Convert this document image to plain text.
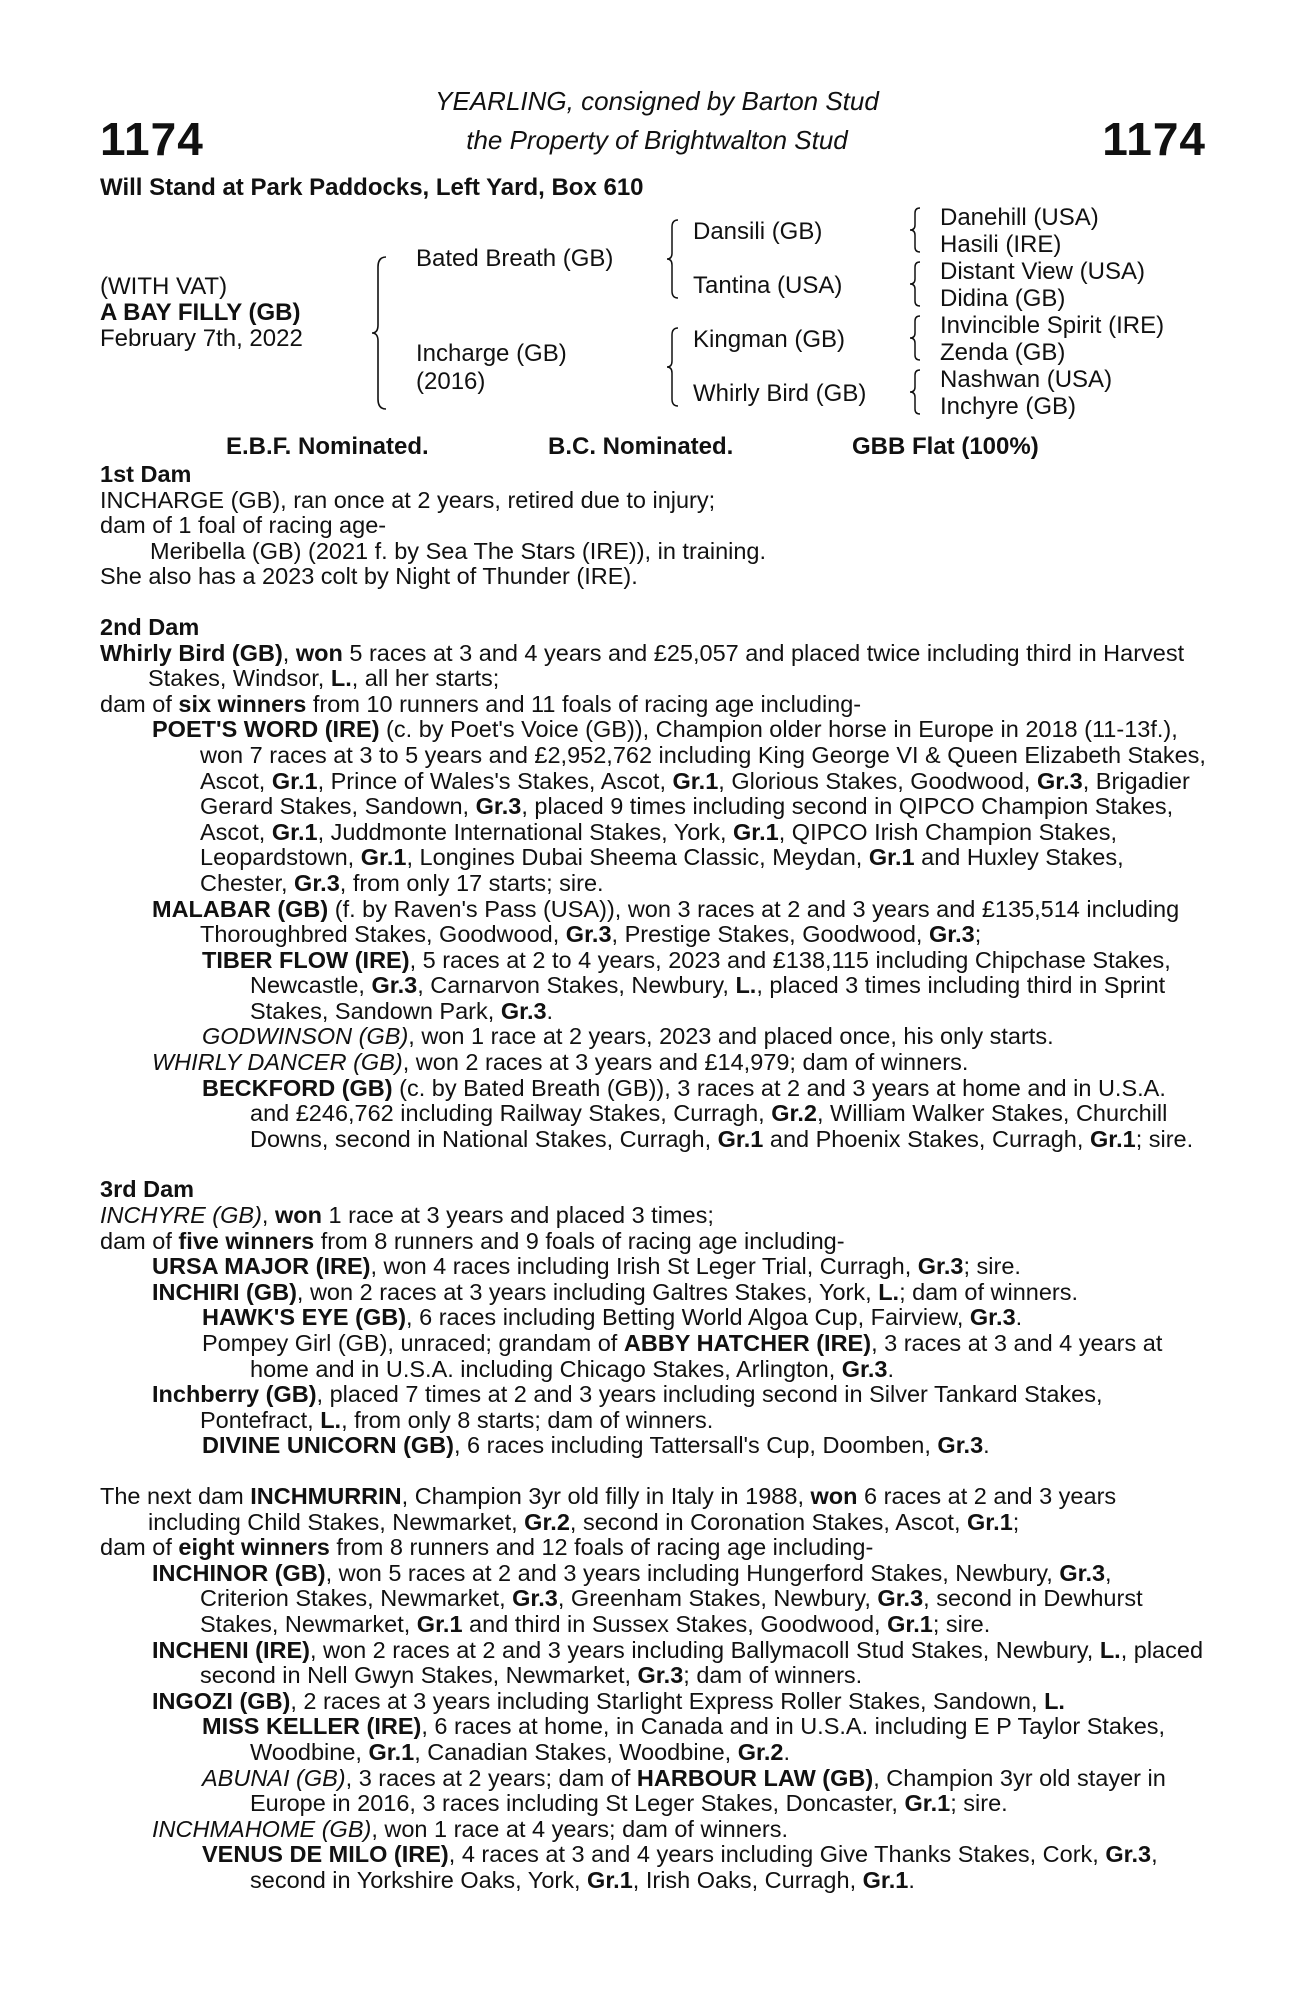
1174	1174
YEARLING, consigned by Barton Stud
the Property of Brightwalton Stud
Will Stand at Park Paddocks, Left Yard, Box 610
(WITH VAT)
A BAY FILLY (GB)
February 7th, 2022
Bated Breath (GB)
Incharge (GB)
(2016)
Dansili (GB)
Tantina (USA)
Kingman (GB)
Whirly Bird (GB)
Danehill (USA)
Hasili (IRE)
Distant View (USA)
Didina (GB)
Invincible Spirit (IRE)
Zenda (GB)
Nashwan (USA)
Inchyre (GB)
E.B.F. Nominated.	B.C. Nominated.	GBB Flat (100%)

1st Dam

INCHARGE (GB), ran once at 2 years, retired due to injury;

dam of 1 foal of racing age-

Meribella (GB) (2021 f. by Sea The Stars (IRE)), in training.

She also has a 2023 colt by Night of Thunder (IRE).

2nd Dam

Whirly Bird (GB), won 5 races at 3 and 4 years and £25,057 and placed twice including third in Harvest Stakes, Windsor, L., all her starts;

dam of six winners from 10 runners and 11 foals of racing age including-

POET'S WORD (IRE) (c. by Poet's Voice (GB)), Champion older horse in Europe in 2018 (11-13f.), won 7 races at 3 to 5 years and £2,952,762 including King George VI & Queen Elizabeth Stakes, Ascot, Gr.1, Prince of Wales's Stakes, Ascot, Gr.1, Glorious Stakes, Goodwood, Gr.3, Brigadier Gerard Stakes, Sandown, Gr.3, placed 9 times including second in QIPCO Champion Stakes, Ascot, Gr.1, Juddmonte International Stakes, York, Gr.1, QIPCO Irish Champion Stakes, Leopardstown, Gr.1, Longines Dubai Sheema Classic, Meydan, Gr.1 and Huxley Stakes, Chester, Gr.3, from only 17 starts; sire.

MALABAR (GB) (f. by Raven's Pass (USA)), won 3 races at 2 and 3 years and £135,514 including Thoroughbred Stakes, Goodwood, Gr.3, Prestige Stakes, Goodwood, Gr.3;

TIBER FLOW (IRE), 5 races at 2 to 4 years, 2023 and £138,115 including Chipchase Stakes, Newcastle, Gr.3, Carnarvon Stakes, Newbury, L., placed 3 times including third in Sprint Stakes, Sandown Park, Gr.3.

GODWINSON (GB), won 1 race at 2 years, 2023 and placed once, his only starts.

WHIRLY DANCER (GB), won 2 races at 3 years and £14,979; dam of winners.

BECKFORD (GB) (c. by Bated Breath (GB)), 3 races at 2 and 3 years at home and in U.S.A. and £246,762 including Railway Stakes, Curragh, Gr.2, William Walker Stakes, Churchill Downs, second in National Stakes, Curragh, Gr.1 and Phoenix Stakes, Curragh, Gr.1; sire.

3rd Dam

INCHYRE (GB), won 1 race at 3 years and placed 3 times;

dam of five winners from 8 runners and 9 foals of racing age including-

URSA MAJOR (IRE), won 4 races including Irish St Leger Trial, Curragh, Gr.3; sire.

INCHIRI (GB), won 2 races at 3 years including Galtres Stakes, York, L.; dam of winners.

HAWK'S EYE (GB), 6 races including Betting World Algoa Cup, Fairview, Gr.3.

Pompey Girl (GB), unraced; grandam of ABBY HATCHER (IRE), 3 races at 3 and 4 years at home and in U.S.A. including Chicago Stakes, Arlington, Gr.3.

Inchberry (GB), placed 7 times at 2 and 3 years including second in Silver Tankard Stakes, Pontefract, L., from only 8 starts; dam of winners.

DIVINE UNICORN (GB), 6 races including Tattersall's Cup, Doomben, Gr.3.

The next dam INCHMURRIN, Champion 3yr old filly in Italy in 1988, won 6 races at 2 and 3 years including Child Stakes, Newmarket, Gr.2, second in Coronation Stakes, Ascot, Gr.1;

dam of eight winners from 8 runners and 12 foals of racing age including-

INCHINOR (GB), won 5 races at 2 and 3 years including Hungerford Stakes, Newbury, Gr.3, Criterion Stakes, Newmarket, Gr.3, Greenham Stakes, Newbury, Gr.3, second in Dewhurst Stakes, Newmarket, Gr.1 and third in Sussex Stakes, Goodwood, Gr.1; sire.

INCHENI (IRE), won 2 races at 2 and 3 years including Ballymacoll Stud Stakes, Newbury, L., placed second in Nell Gwyn Stakes, Newmarket, Gr.3; dam of winners.

INGOZI (GB), 2 races at 3 years including Starlight Express Roller Stakes, Sandown, L.

MISS KELLER (IRE), 6 races at home, in Canada and in U.S.A. including E P Taylor Stakes, Woodbine, Gr.1, Canadian Stakes, Woodbine, Gr.2.

ABUNAI (GB), 3 races at 2 years; dam of HARBOUR LAW (GB), Champion 3yr old stayer in Europe in 2016, 3 races including St Leger Stakes, Doncaster, Gr.1; sire.

INCHMAHOME (GB), won 1 race at 4 years; dam of winners.

VENUS DE MILO (IRE), 4 races at 3 and 4 years including Give Thanks Stakes, Cork, Gr.3, second in Yorkshire Oaks, York, Gr.1, Irish Oaks, Curragh, Gr.1.
